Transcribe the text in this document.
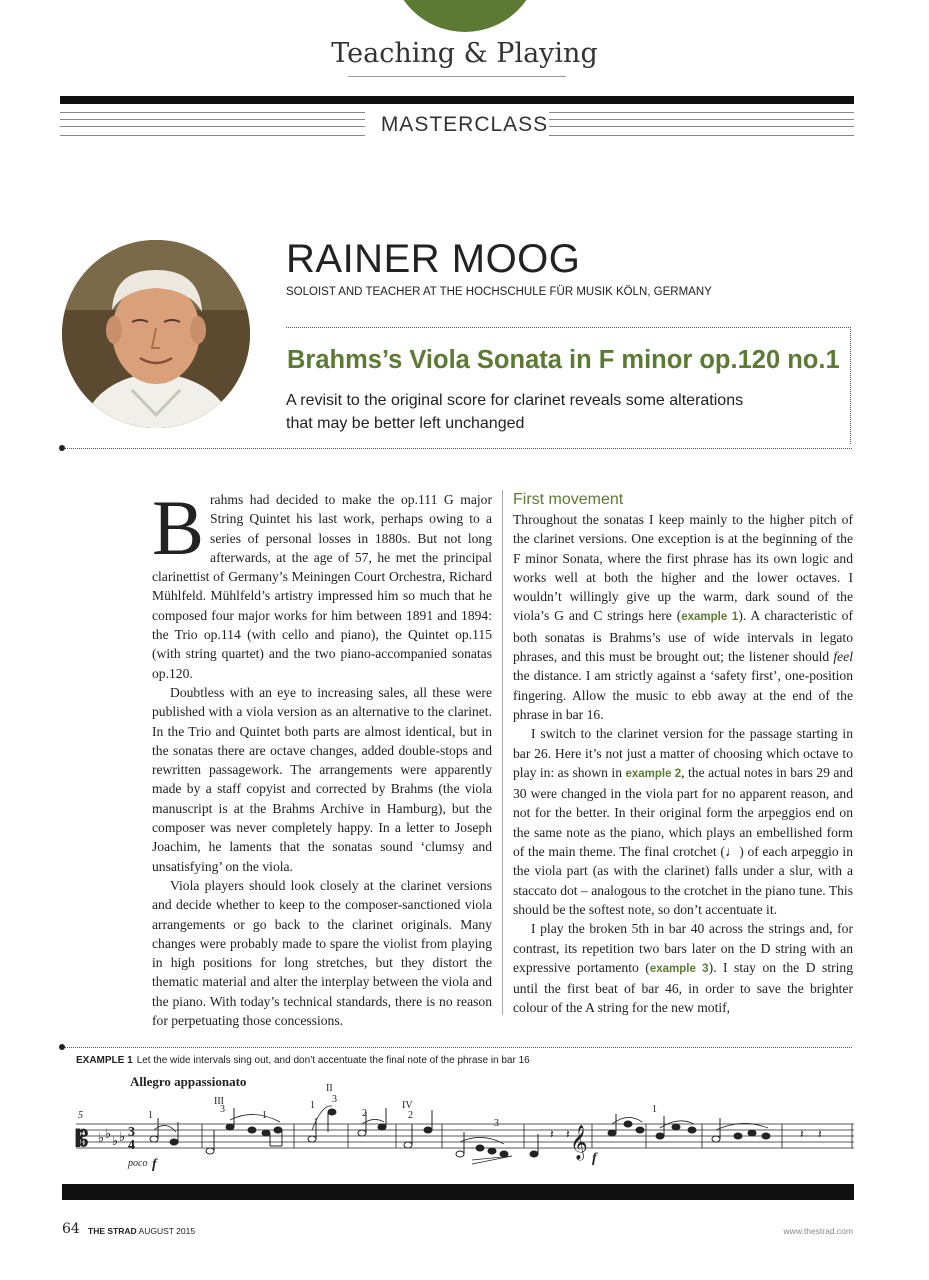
Teaching & Playing
MASTERCLASS
RAINER MOOG
SOLOIST AND TEACHER AT THE HOCHSCHULE FÜR MUSIK KÖLN, GERMANY
Brahms’s Viola Sonata in F minor op.120 no.1
A revisit to the original score for clarinet reveals some alterations that may be better left unchanged

Brahms had decided to make the op.111 G major String Quintet his last work, perhaps owing to a series of personal losses in 1880s. But not long afterwards, at the age of 57, he met the principal clarinettist of Germany’s Meiningen Court Orchestra, Richard Mühlfeld. Mühlfeld’s artistry impressed him so much that he composed four major works for him between 1891 and 1894: the Trio op.114 (with cello and piano), the Quintet op.115 (with string quartet) and the two piano-accompanied sonatas op.120.

Doubtless with an eye to increasing sales, all these were published with a viola version as an alternative to the clarinet. In the Trio and Quintet both parts are almost identical, but in the sonatas there are octave changes, added double-stops and rewritten passagework. The arrangements were apparently made by a staff copyist and corrected by Brahms (the viola manuscript is at the Brahms Archive in Hamburg), but the composer was never completely happy. In a letter to Joseph Joachim, he laments that the sonatas sound ‘clumsy and unsatisfying’ on the viola.

Viola players should look closely at the clarinet versions and decide whether to keep to the composer-sanctioned viola arrangements or go back to the clarinet originals. Many changes were probably made to spare the violist from playing in high positions for long stretches, but they distort the thematic material and alter the interplay between the viola and the piano. With today’s technical standards, there is no reason for perpetuating those concessions.

First movement

Throughout the sonatas I keep mainly to the higher pitch of the clarinet versions. One exception is at the beginning of the F minor Sonata, where the first phrase has its own logic and works well at both the higher and the lower octaves. I wouldn’t willingly give up the warm, dark sound of the viola’s G and C strings here (example 1). A characteristic of both sonatas is Brahms’s use of wide intervals in legato phrases, and this must be brought out; the listener should feel the distance. I am strictly against a ‘safety first’, one-position fingering. Allow the music to ebb away at the end of the phrase in bar 16.

I switch to the clarinet version for the passage starting in bar 26. Here it’s not just a matter of choosing which octave to play in: as shown in example 2, the actual notes in bars 29 and 30 were changed in the viola part for no apparent reason, and not for the better. In their original form the arpeggios end on the same note as the piano, which plays an embellished form of the main theme. The final crotchet (♩) of each arpeggio in the viola part (as with the clarinet) falls under a slur, with a staccato dot – analogous to the crotchet in the piano tune. This should be the softest note, so don’t accentuate it.

I play the broken 5th in bar 40 across the strings and, for contrast, its repetition two bars later on the D string with an expressive portamento (example 3). I stay on the D string until the first beat of bar 46, in order to save the brighter colour of the A string for the new motif,

EXAMPLE 1 Let the wide intervals sing out, and don’t accentuate the final note of the phrase in bar 16
Allegro appassionato
5
𝄡 ♭ ♭ ♭ ♭ 3
4
𝄽 𝄽 𝄞	𝄽 𝄽
III
II
IV
1
3
1
1
3
2	2
3
1
poco f	f
64 THE STRAD AUGUST 2015	www.thestrad.com
